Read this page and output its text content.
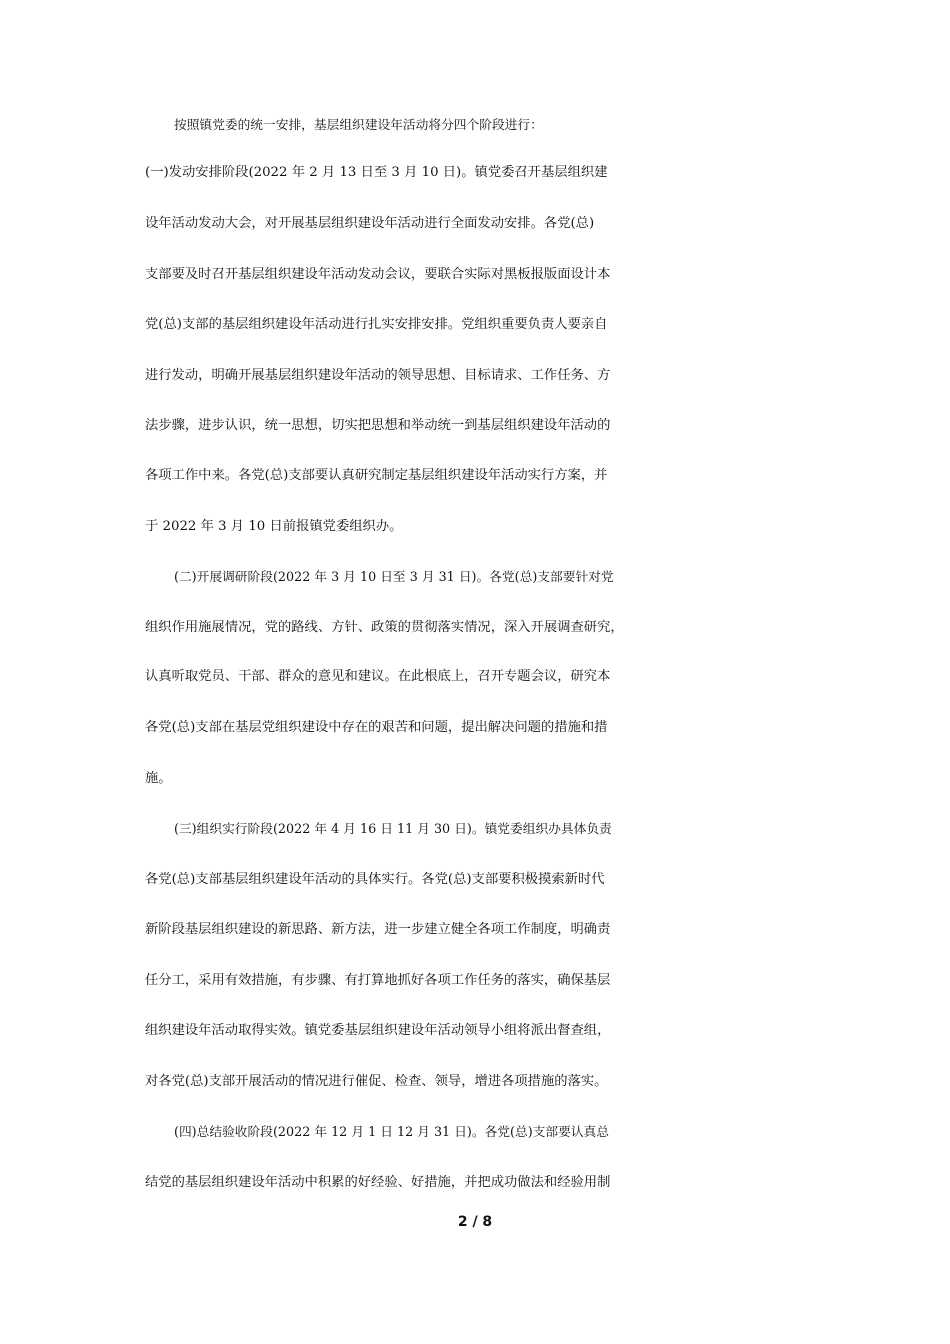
按照镇党委的统一安排，基层组织建设年活动将分四个阶段进行：
(一)发动安排阶段(2022 年 2 月 13 日至 3 月 10 日)。镇党委召开基层组织建
设年活动发动大会，对开展基层组织建设年活动进行全面发动安排。各党(总)
支部要及时召开基层组织建设年活动发动会议，要联合实际对黑板报版面设计本
党(总)支部的基层组织建设年活动进行扎实安排安排。党组织重要负责人要亲自
进行发动，明确开展基层组织建设年活动的领导思想、目标请求、工作任务、方
法步骤，进步认识，统一思想，切实把思想和举动统一到基层组织建设年活动的
各项工作中来。各党(总)支部要认真研究制定基层组织建设年活动实行方案，并
于 2022 年 3 月 10 日前报镇党委组织办。
(二)开展调研阶段(2022 年 3 月 10 日至 3 月 31 日)。各党(总)支部要针对党
组织作用施展情况，党的路线、方针、政策的贯彻落实情况，深入开展调查研究，
认真听取党员、干部、群众的意见和建议。在此根底上，召开专题会议，研究本
各党(总)支部在基层党组织建设中存在的艰苦和问题，提出解决问题的措施和措
施。
(三)组织实行阶段(2022 年 4 月 16 日 11 月 30 日)。镇党委组织办具体负责
各党(总)支部基层组织建设年活动的具体实行。各党(总)支部要积极摸索新时代
新阶段基层组织建设的新思路、新方法，进一步建立健全各项工作制度，明确责
任分工，采用有效措施，有步骤、有打算地抓好各项工作任务的落实，确保基层
组织建设年活动取得实效。镇党委基层组织建设年活动领导小组将派出督查组，
对各党(总)支部开展活动的情况进行催促、检查、领导，增进各项措施的落实。
(四)总结验收阶段(2022 年 12 月 1 日 12 月 31 日)。各党(总)支部要认真总
结党的基层组织建设年活动中积累的好经验、好措施，并把成功做法和经验用制
2 / 8
